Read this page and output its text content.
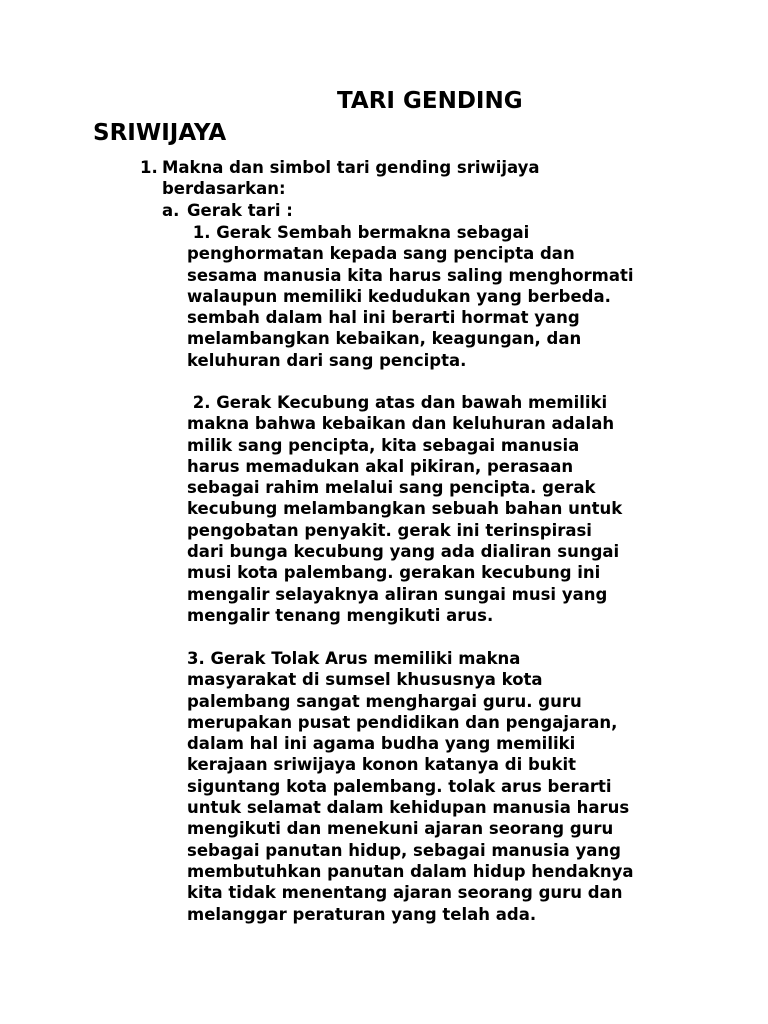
TARI GENDING
SRIWIJAYA
1. Makna dan simbol tari gending sriwijaya
berdasarkan:
a. Gerak tari :
1. Gerak Sembah bermakna sebagai
penghormatan kepada sang pencipta dan
sesama manusia kita harus saling menghormati
walaupun memiliki kedudukan yang berbeda.
sembah dalam hal ini berarti hormat yang
melambangkan kebaikan, keagungan, dan
keluhuran dari sang pencipta.
2. Gerak Kecubung atas dan bawah memiliki
makna bahwa kebaikan dan keluhuran adalah
milik sang pencipta, kita sebagai manusia
harus memadukan akal pikiran, perasaan
sebagai rahim melalui sang pencipta. gerak
kecubung melambangkan sebuah bahan untuk
pengobatan penyakit. gerak ini terinspirasi
dari bunga kecubung yang ada dialiran sungai
musi kota palembang. gerakan kecubung ini
mengalir selayaknya aliran sungai musi yang
mengalir tenang mengikuti arus.
3. Gerak Tolak Arus memiliki makna
masyarakat di sumsel khususnya kota
palembang sangat menghargai guru. guru
merupakan pusat pendidikan dan pengajaran,
dalam hal ini agama budha yang memiliki
kerajaan sriwijaya konon katanya di bukit
siguntang kota palembang. tolak arus berarti
untuk selamat dalam kehidupan manusia harus
mengikuti dan menekuni ajaran seorang guru
sebagai panutan hidup, sebagai manusia yang
membutuhkan panutan dalam hidup hendaknya
kita tidak menentang ajaran seorang guru dan
melanggar peraturan yang telah ada.
